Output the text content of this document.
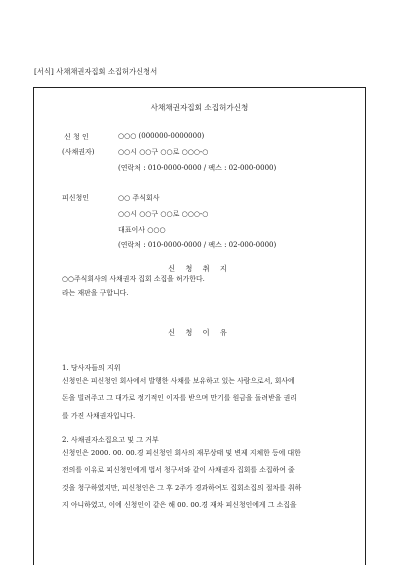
[서식] 사채채권자집회 소집허가신청서
사채채권자집회 소집허가신청
신 청 인
(사채권자)
○○○ (000000-0000000)
○○시 ○○구 ○○로 ○○○-○
(연락처 : 010-0000-0000 / 팩스 : 02-000-0000)
피신청인	○○ 주식회사
○○시 ○○구 ○○로 ○○○-○
대표이사 ○○○
(연락처 : 010-0000-0000 / 팩스 : 02-000-0000)
신 청 취 지
○○주식회사의 사채권자 집회 소집을 허가한다.
라는 재판을 구합니다.
신 청 이 유
1. 당사자들의 지위
신청인은 피신청인 회사에서 발행한 사채를 보유하고 있는 사람으로서, 회사에
돈을 빌려주고 그 대가로 정기적인 이자를 받으며 만기를 원금을 돌려받을 권리
를 가진 사채권자입니다.
2. 사채권자소집요고 및 그 거부
신청인은 2000. 00. 00.경 피신청인 회사의 재무상태 및 변제 지체한 등에 대한
전의를 이유로 피신청인에게 법서 청구서와 같이 사채권자 집회를 소집하여 줄
것을 청구하였지만, 피신청인은 그 후 2주가 경과하여도 집회소집의 절차를 취하
지 아니하였고, 이에 신청인이 같은 해 00. 00.경 재차 피신청인에게 그 소집을
